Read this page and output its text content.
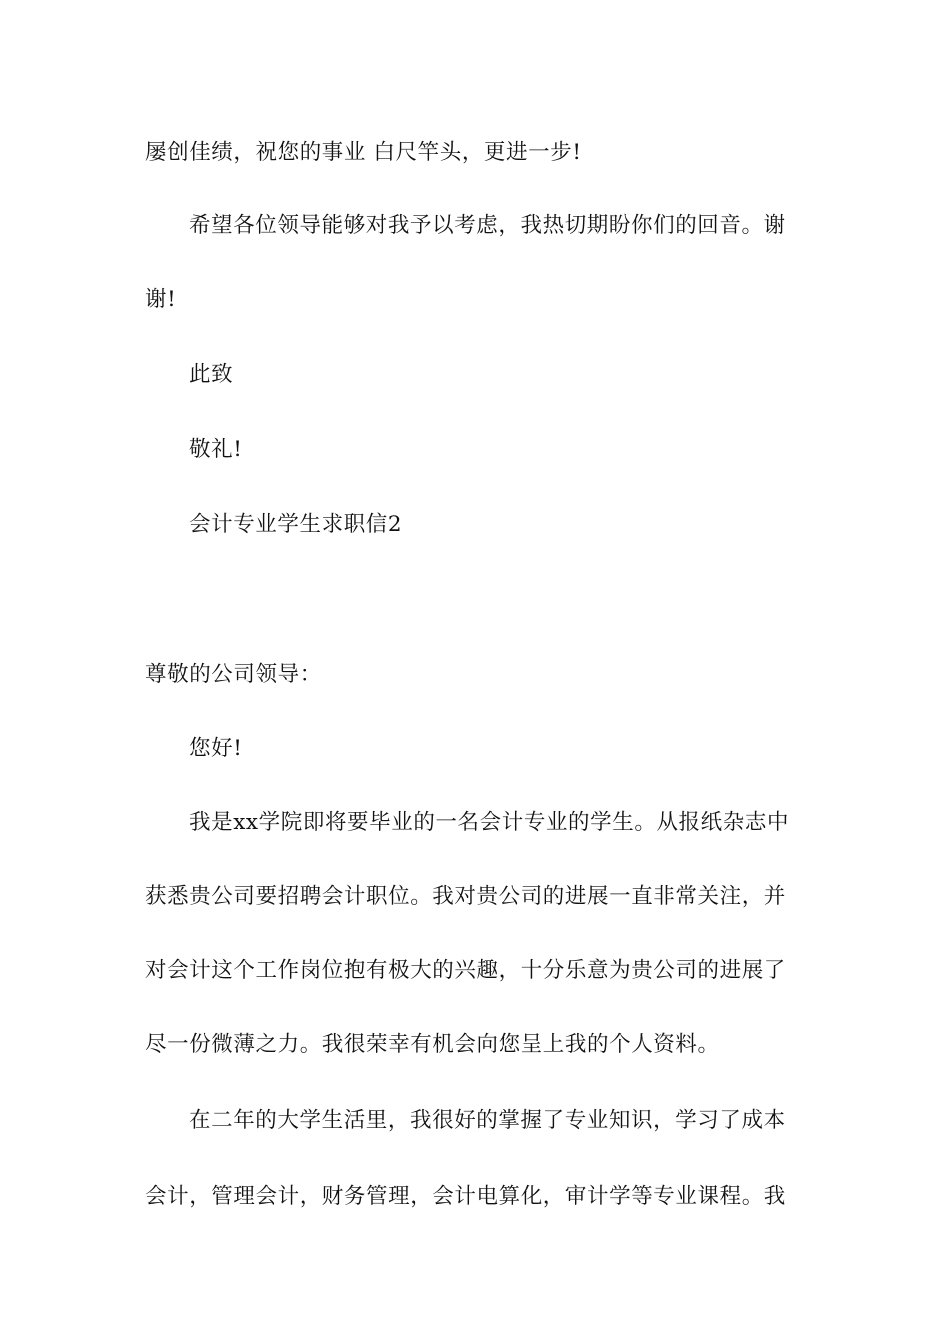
屡创佳绩，祝您的事业 白尺竿头，更进一步!
希望各位领导能够对我予以考虑，我热切期盼你们的回音。谢
谢!
此致
敬礼!
会计专业学生求职信2
尊敬的公司领导：
您好!
我是xx学院即将要毕业的一名会计专业的学生。从报纸杂志中
获悉贵公司要招聘会计职位。我对贵公司的进展一直非常关注，并
对会计这个工作岗位抱有极大的兴趣，十分乐意为贵公司的进展了
尽一份微薄之力。我很荣幸有机会向您呈上我的个人资料。
在二年的大学生活里，我很好的掌握了专业知识，学习了成本
会计，管理会计，财务管理，会计电算化，审计学等专业课程。我
